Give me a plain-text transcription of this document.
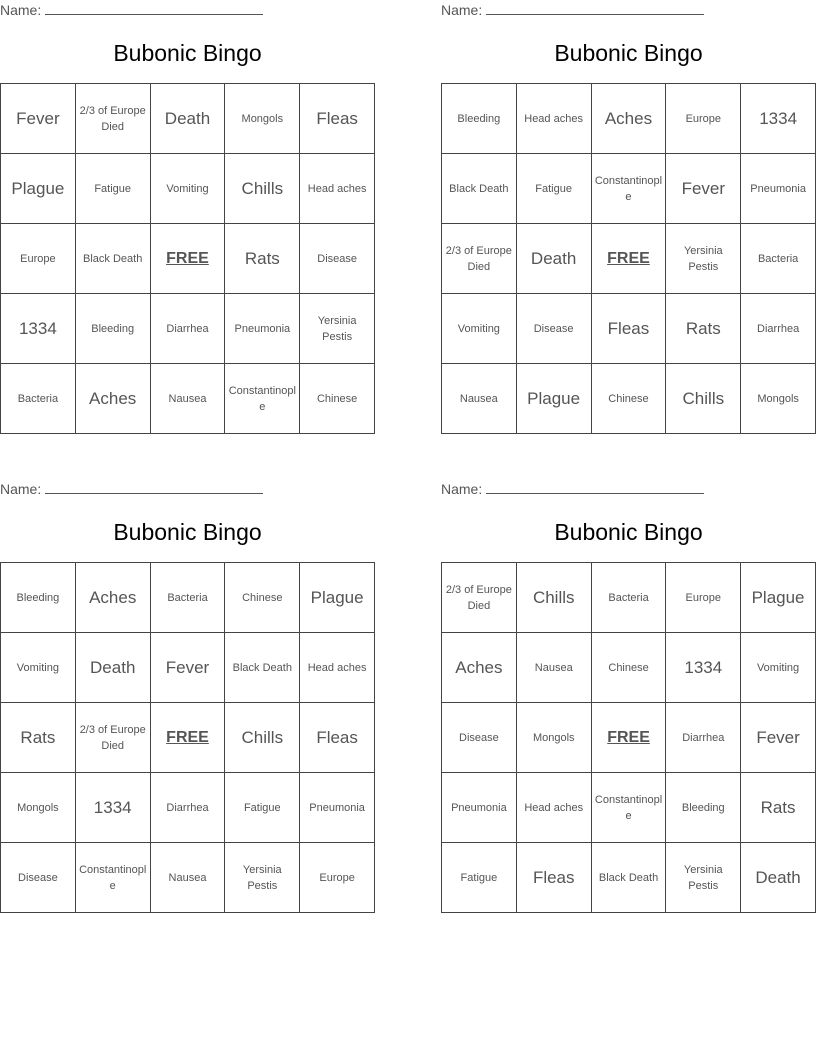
Name:
Bubonic Bingo
Fever	2/3 of Europe Died	Death	Mongols	Fleas
Plague	Fatigue	Vomiting	Chills	Head aches
Europe	Black Death	FREE	Rats	Disease
1334	Bleeding	Diarrhea	Pneumonia	Yersinia Pestis
Bacteria	Aches	Nausea	Constantinople	Chinese
Name:
Bubonic Bingo
Bleeding	Head aches	Aches	Europe	1334
Black Death	Fatigue	Constantinople	Fever	Pneumonia
2/3 of Europe Died	Death	FREE	Yersinia Pestis	Bacteria
Vomiting	Disease	Fleas	Rats	Diarrhea
Nausea	Plague	Chinese	Chills	Mongols
Name:
Bubonic Bingo
Bleeding	Aches	Bacteria	Chinese	Plague
Vomiting	Death	Fever	Black Death	Head aches
Rats	2/3 of Europe Died	FREE	Chills	Fleas
Mongols	1334	Diarrhea	Fatigue	Pneumonia
Disease	Constantinople	Nausea	Yersinia Pestis	Europe
Name:
Bubonic Bingo
2/3 of Europe Died	Chills	Bacteria	Europe	Plague
Aches	Nausea	Chinese	1334	Vomiting
Disease	Mongols	FREE	Diarrhea	Fever
Pneumonia	Head aches	Constantinople	Bleeding	Rats
Fatigue	Fleas	Black Death	Yersinia Pestis	Death
